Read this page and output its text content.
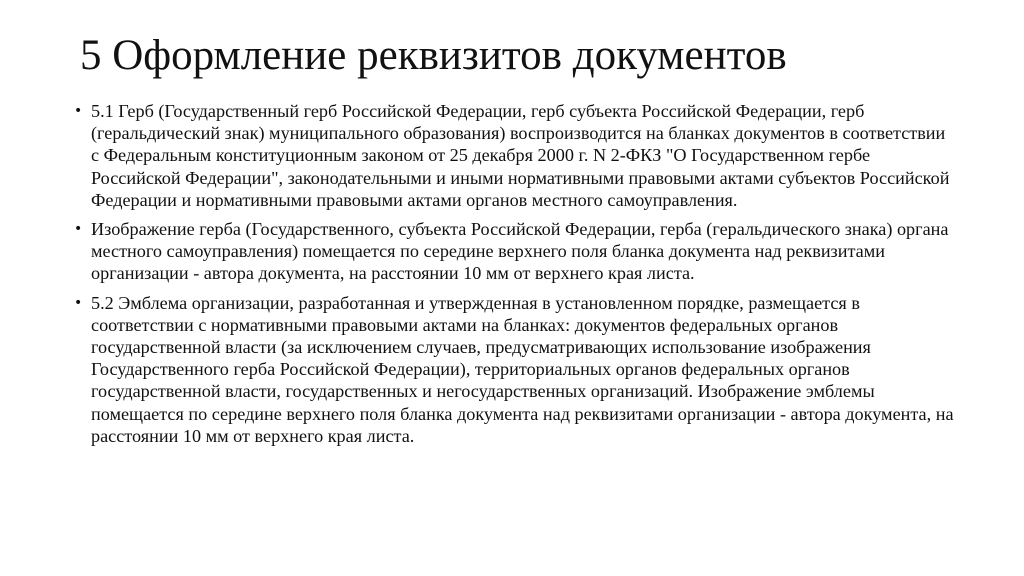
5 Оформление реквизитов документов
• 5.1 Герб (Государственный герб Российской Федерации, герб субъекта Российской Федерации, герб (геральдический знак) муниципального образования) воспроизводится на бланках документов в соответствии с Федеральным конституционным законом от 25 декабря 2000 г. N 2-ФКЗ "О Государственном гербе Российской Федерации", законодательными и иными нормативными правовыми актами субъектов Российской Федерации и нормативными правовыми актами органов местного самоуправления.
• Изображение герба (Государственного, субъекта Российской Федерации, герба (геральдического знака) органа местного самоуправления) помещается по середине верхнего поля бланка документа над реквизитами организации - автора документа, на расстоянии 10 мм от верхнего края листа.
• 5.2 Эмблема организации, разработанная и утвержденная в установленном порядке, размещается в соответствии с нормативными правовыми актами на бланках: документов федеральных органов государственной власти (за исключением случаев, предусматривающих использование изображения Государственного герба Российской Федерации), территориальных органов федеральных органов государственной власти, государственных и негосударственных организаций. Изображение эмблемы помещается по середине верхнего поля бланка документа над реквизитами организации - автора документа, на расстоянии 10 мм от верхнего края листа.
